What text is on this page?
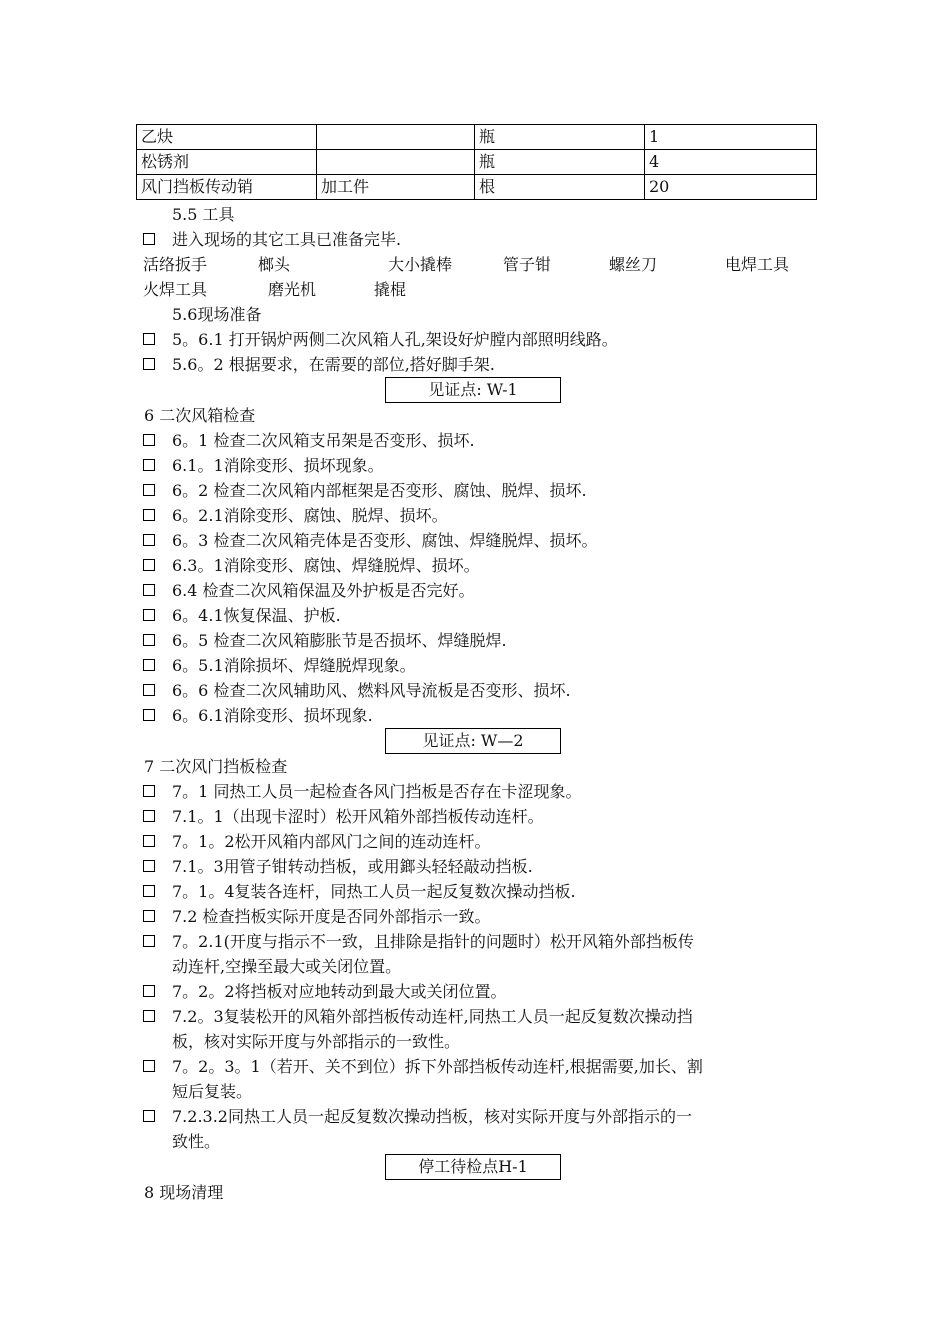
乙炔		瓶	1
松锈剂		瓶	4
风门挡板传动销	加工件	根	20
5.5 工具
进入现场的其它工具已准备完毕.
活络扳手	榔头	大小撬棒	管子钳	螺丝刀	电焊工具
火焊工具	磨光机	撬棍
5.6现场准备
5。6.1 打开锅炉两侧二次风箱人孔,架设好炉膛内部照明线路。
5.6。2 根据要求，在需要的部位,搭好脚手架.
见证点: W-1
6 二次风箱检查
6。1 检查二次风箱支吊架是否变形、损坏.
6.1。1消除变形、损坏现象。
6。2 检查二次风箱内部框架是否变形、腐蚀、脱焊、损坏.
6。2.1消除变形、腐蚀、脱焊、损坏。
6。3 检查二次风箱壳体是否变形、腐蚀、焊缝脱焊、损坏。
6.3。1消除变形、腐蚀、焊缝脱焊、损坏。
6.4 检查二次风箱保温及外护板是否完好。
6。4.1恢复保温、护板.
6。5 检查二次风箱膨胀节是否损坏、焊缝脱焊.
6。5.1消除损坏、焊缝脱焊现象。
6。6 检查二次风辅助风、燃料风导流板是否变形、损坏.
6。6.1消除变形、损坏现象.
见证点: W—2
7 二次风门挡板检查
7。1 同热工人员一起检查各风门挡板是否存在卡涩现象。
7.1。1（出现卡涩时）松开风箱外部挡板传动连杆。
7。1。2松开风箱内部风门之间的连动连杆。
7.1。3用管子钳转动挡板，或用鎯头轻轻敲动挡板.
7。1。4复装各连杆，同热工人员一起反复数次操动挡板.
7.2 检查挡板实际开度是否同外部指示一致。
7。2.1(开度与指示不一致，且排除是指针的问题时）松开风箱外部挡板传
动连杆,空操至最大或关闭位置。
7。2。2将挡板对应地转动到最大或关闭位置。
7.2。3复装松开的风箱外部挡板传动连杆,同热工人员一起反复数次操动挡
板，核对实际开度与外部指示的一致性。
7。2。3。1（若开、关不到位）拆下外部挡板传动连杆,根据需要,加长、割
短后复装。
7.2.3.2同热工人员一起反复数次操动挡板，核对实际开度与外部指示的一
致性。
停工待检点H-1
8 现场清理
